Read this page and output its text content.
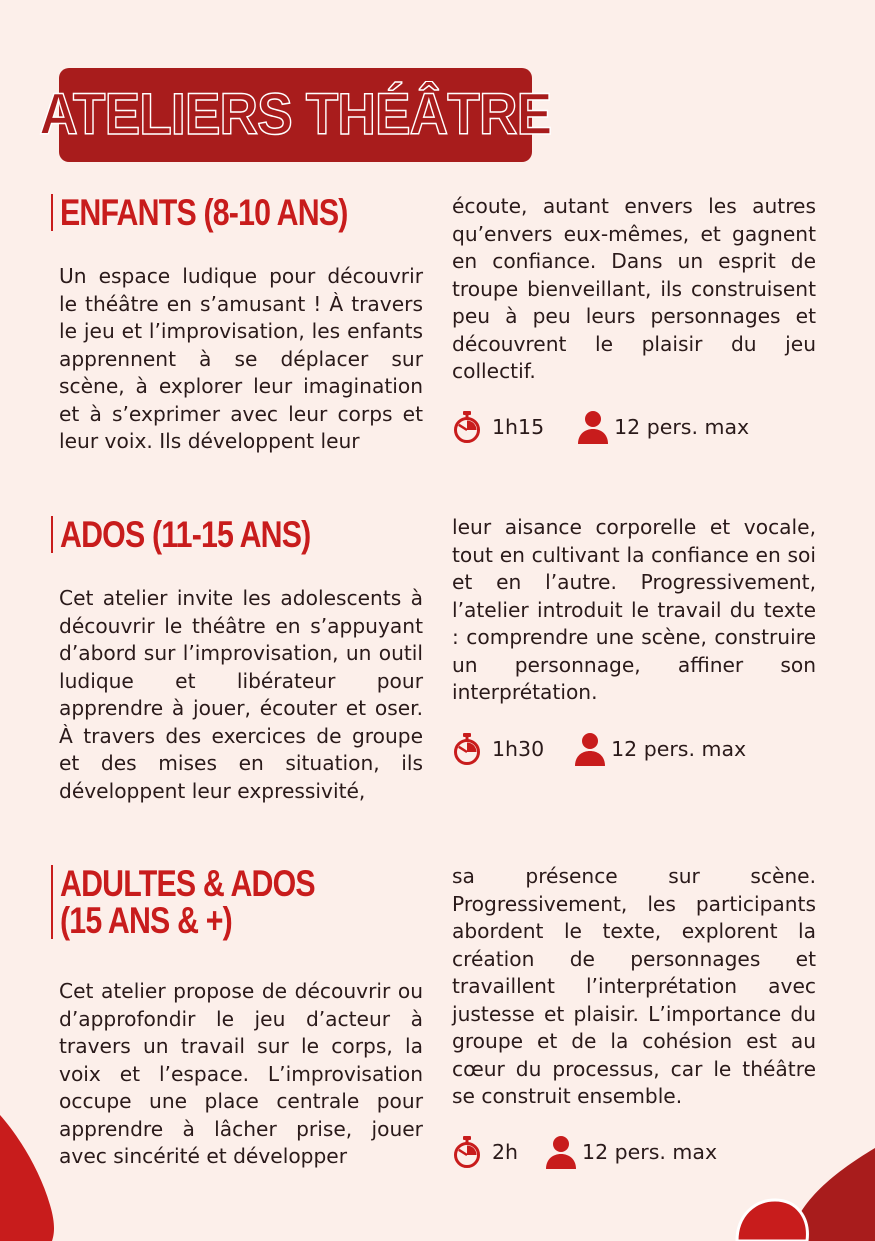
ATELIERS THÉÂTRE
ENFANTS (8-10 ANS)

Un espace ludique pour découvrir le théâtre en s’amusant ! À travers le jeu et l’improvisation, les enfants apprennent à se déplacer sur scène, à explorer leur imagination et à s’exprimer avec leur corps et leur voix. Ils développent leur

écoute, autant envers les autres qu’envers eux-mêmes, et gagnent en confiance. Dans un esprit de troupe bienveillant, ils construisent peu à peu leurs personnages et découvrent le plaisir du jeu collectif.

1h15	12 pers. max
ADOS (11-15 ANS)

Cet atelier invite les adolescents à découvrir le théâtre en s’appuyant d’abord sur l’improvisation, un outil ludique et libérateur pour apprendre à jouer, écouter et oser. À travers des exercices de groupe et des mises en situation, ils développent leur expressivité,

leur aisance corporelle et vocale, tout en cultivant la confiance en soi et en l’autre. Progressivement, l’atelier introduit le travail du texte : comprendre une scène, construire un personnage, affiner son interprétation.

1h30	12 pers. max
ADULTES & ADOS
(15 ANS & +)

Cet atelier propose de découvrir ou d’approfondir le jeu d’acteur à travers un travail sur le corps, la voix et l’espace. L’improvisation occupe une place centrale pour apprendre à lâcher prise, jouer avec sincérité et développer

sa présence sur scène. Progressivement, les participants abordent le texte, explorent la création de personnages et travaillent l’interprétation avec justesse et plaisir. L’importance du groupe et de la cohésion est au cœur du processus, car le théâtre se construit ensemble.

2h	12 pers. max
